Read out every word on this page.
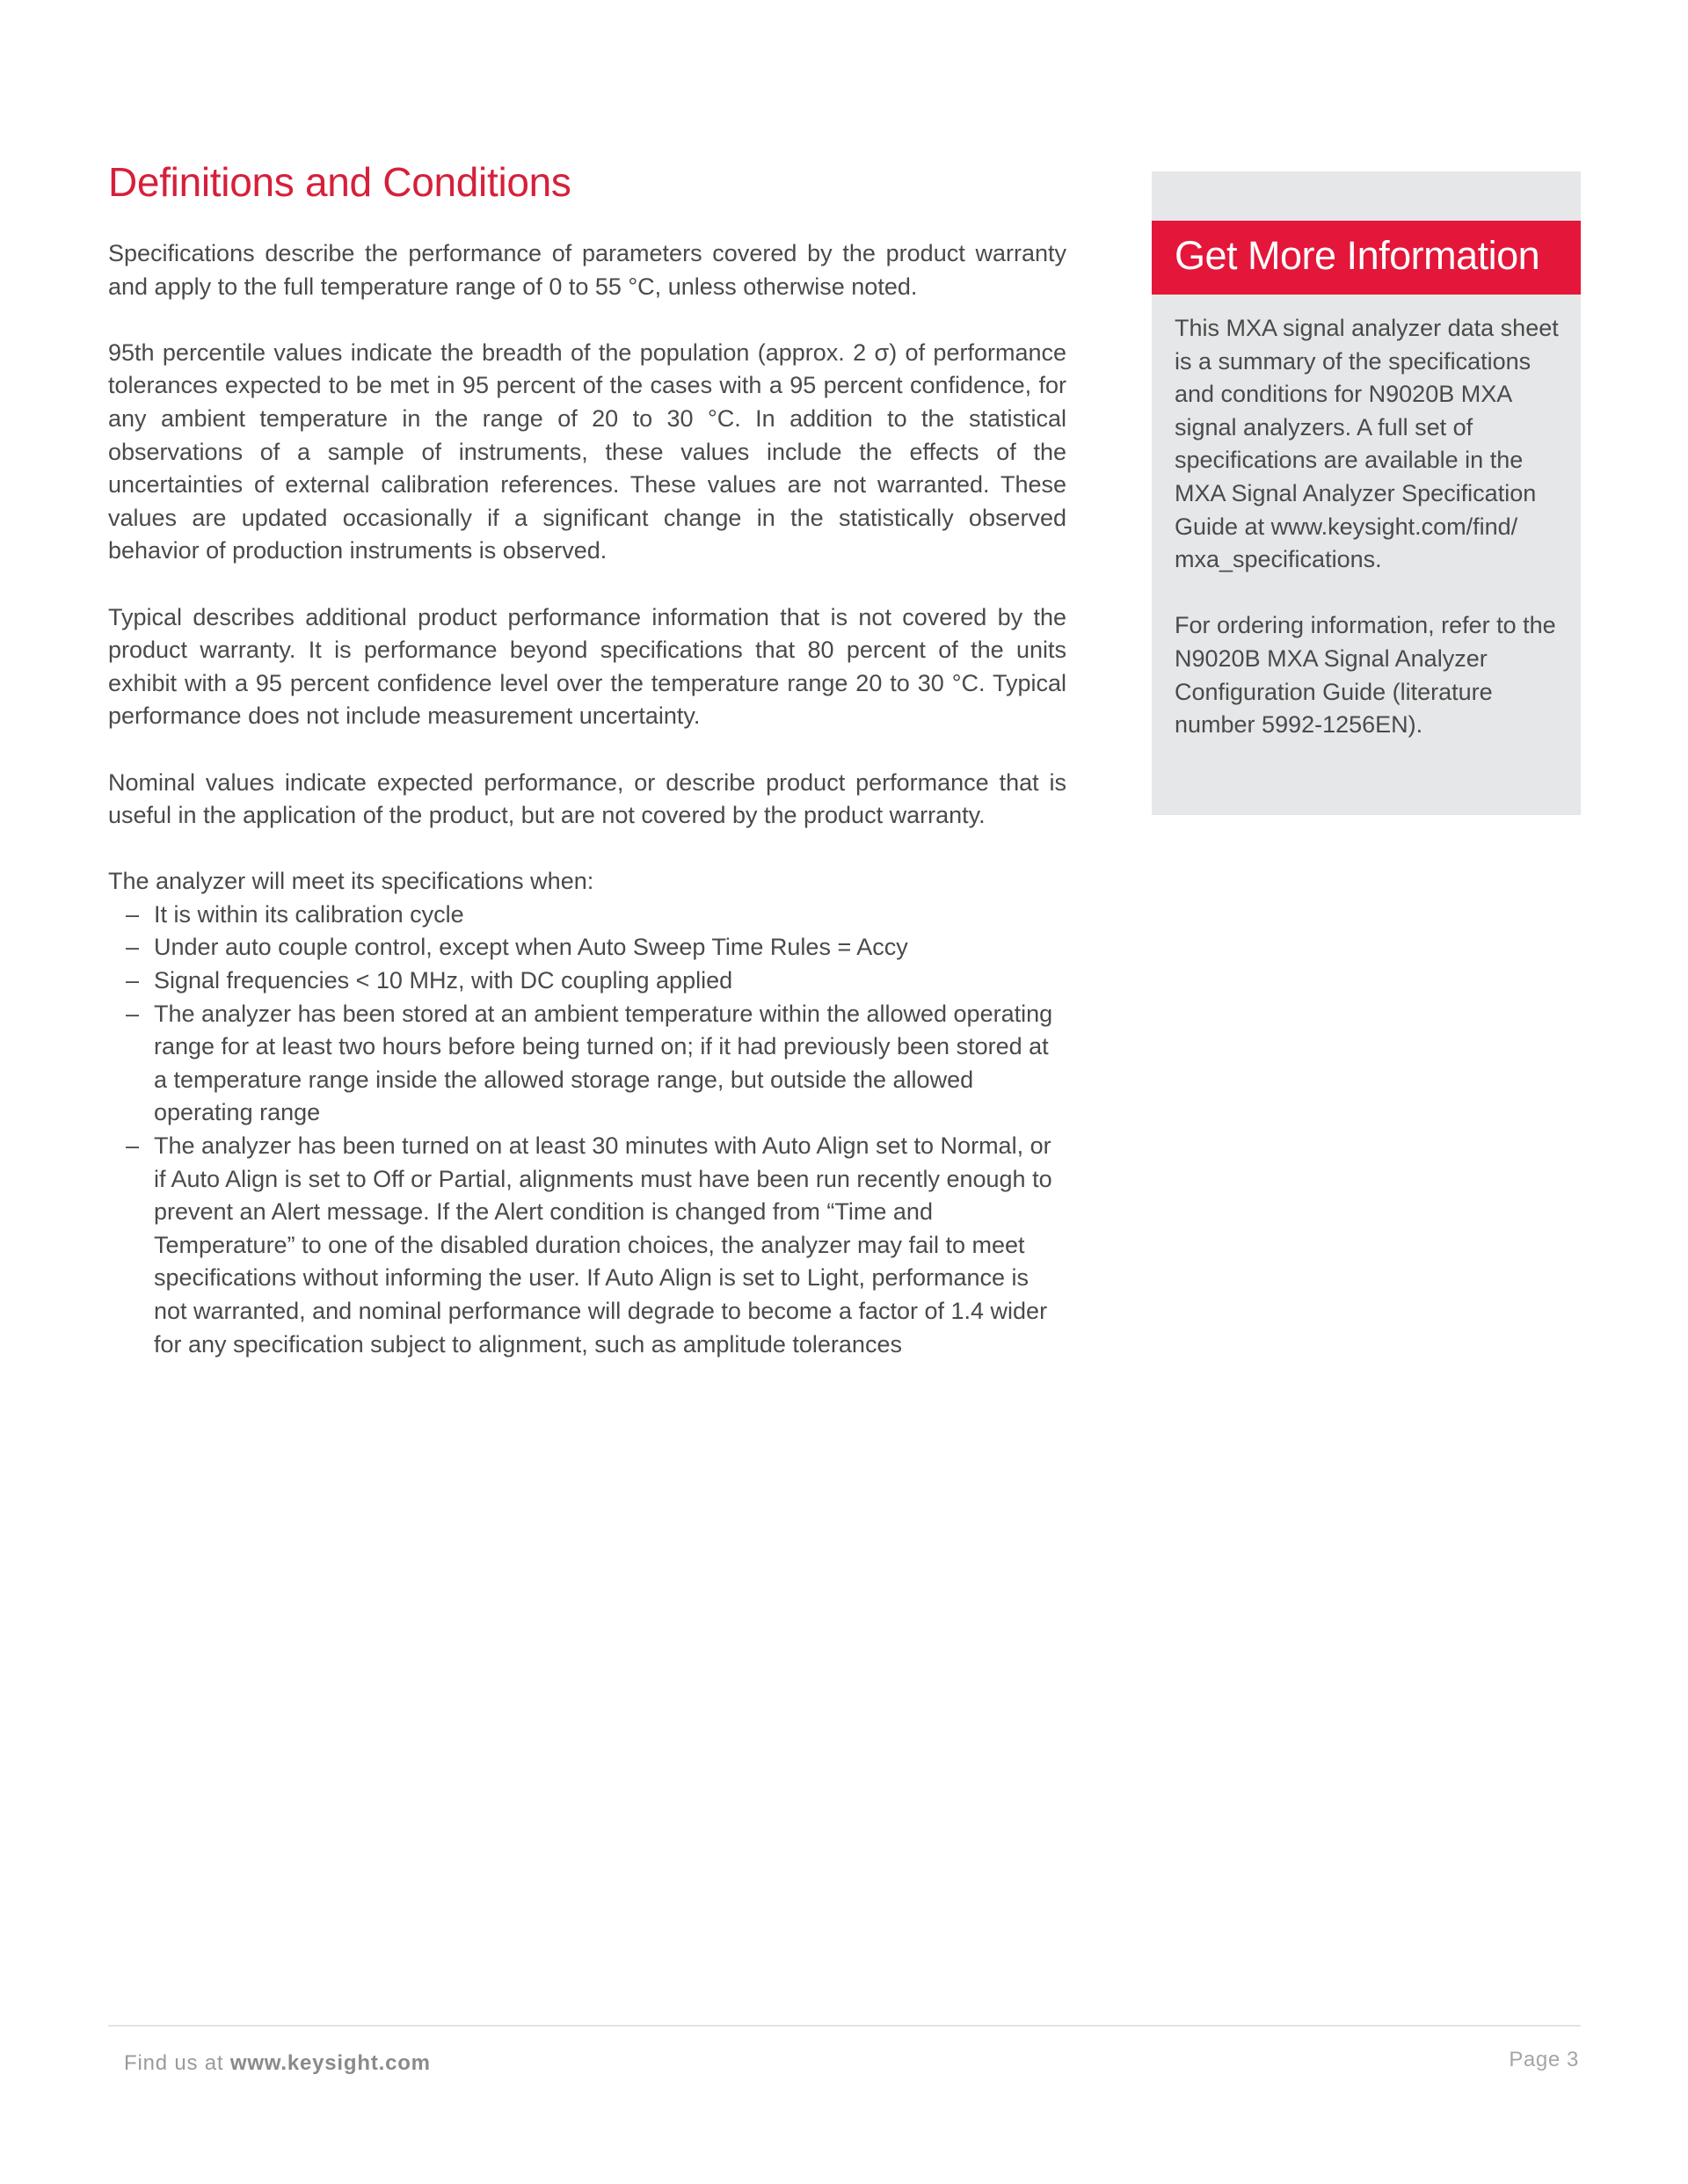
Definitions and Conditions

Specifications describe the performance of parameters covered by the product warranty and apply to the full temperature range of 0 to 55 °C, unless otherwise noted.

95th percentile values indicate the breadth of the population (approx. 2 σ) of performance tolerances expected to be met in 95 percent of the cases with a 95 percent confidence, for any ambient temperature in the range of 20 to 30 °C. In addition to the statistical observations of a sample of instruments, these values include the effects of the uncertainties of external calibration references. These values are not warranted. These values are updated occasionally if a significant change in the statistically observed behavior of production instruments is observed.

Typical describes additional product performance information that is not covered by the product warranty. It is performance beyond specifications that 80 percent of the units exhibit with a 95 percent confidence level over the temperature range 20 to 30 °C. Typical performance does not include measurement uncertainty.

Nominal values indicate expected performance, or describe product performance that is useful in the application of the product, but are not covered by the product warranty.

The analyzer will meet its specifications when:

– It is within its calibration cycle
– Under auto couple control, except when Auto Sweep Time Rules = Accy
– Signal frequencies < 10 MHz, with DC coupling applied
– The analyzer has been stored at an ambient temperature within the allowed operating range for at least two hours before being turned on; if it had previously been stored at a temperature range inside the allowed storage range, but outside the allowed operating range
– The analyzer has been turned on at least 30 minutes with Auto Align set to Normal, or if Auto Align is set to Off or Partial, alignments must have been run recently enough to prevent an Alert message. If the Alert condition is changed from “Time and Temperature” to one of the disabled duration choices, the analyzer may fail to meet specifications without informing the user. If Auto Align is set to Light, performance is not warranted, and nominal performance will degrade to become a factor of 1.4 wider for any specification subject to alignment, such as amplitude tolerances
Get More Information

This MXA signal analyzer data sheet is a summary of the specifications and conditions for N9020B MXA signal analyzers. A full set of specifications are available in the MXA Signal Analyzer Specification Guide at www.keysight.com/find/ mxa_specifications.

For ordering information, refer to the N9020B MXA Signal Analyzer Configuration Guide (literature number 5992-1256EN).

Find us at www.keysight.com	Page 3
